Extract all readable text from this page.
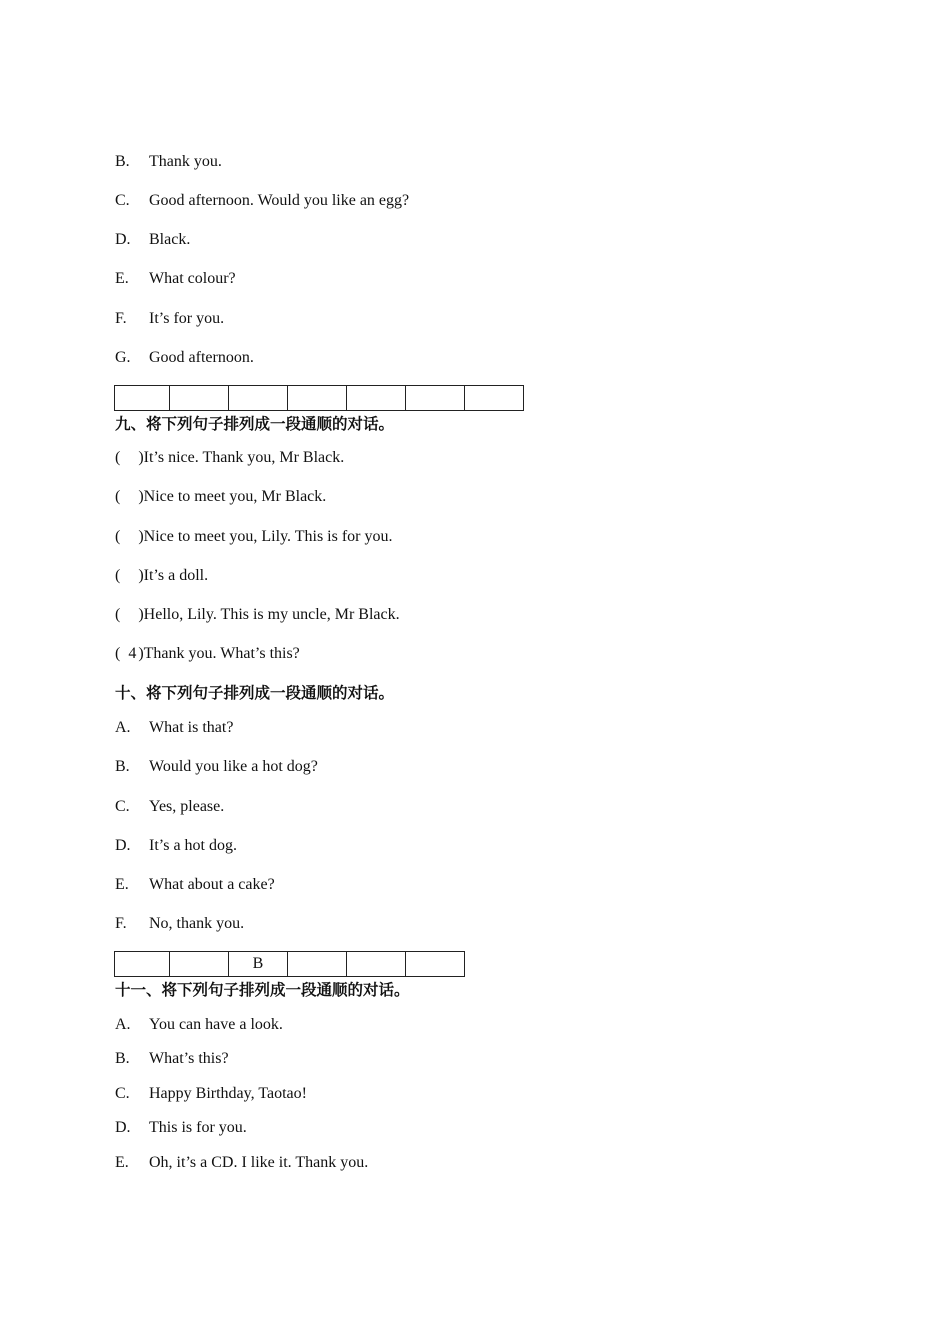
B. Thank you.
C. Good afternoon. Would you like an egg?
D. Black.
E. What colour?
F. It’s for you.
G. Good afternoon.

九、将下列句子排列成一段通顺的对话。
( )It’s nice. Thank you, Mr Black.
( )Nice to meet you, Mr Black.
( )Nice to meet you, Lily. This is for you.
( )It’s a doll.
( )Hello, Lily. This is my uncle, Mr Black.
( 4 )Thank you. What’s this?
十、将下列句子排列成一段通顺的对话。
A. What is that?
B. Would you like a hot dog?
C. Yes, please.
D. It’s a hot dog.
E. What about a cake?
F. No, thank you.
		B			
十一、将下列句子排列成一段通顺的对话。
A. You can have a look.
B. What’s this?
C. Happy Birthday, Taotao!
D. This is for you.
E. Oh, it’s a CD. I like it. Thank you.
